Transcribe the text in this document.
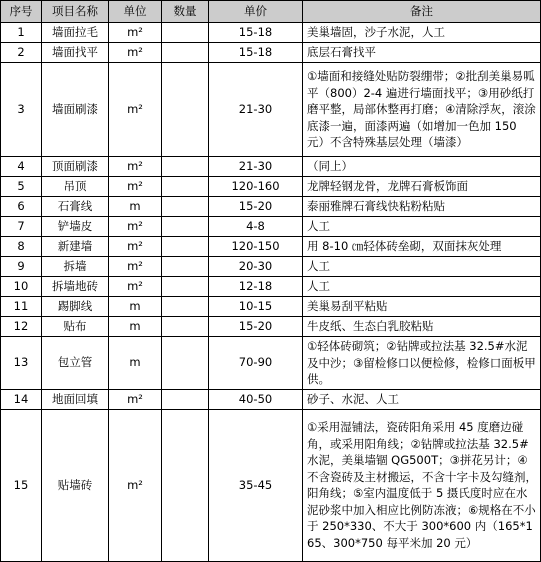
序号	项目名称	单位	数量	单价	备注
1	墙面拉毛	m²		15-18	美巢墙固，沙子水泥，人工
2	墙面找平	m²		15-18	底层石膏找平
3	墙面刷漆	m²		21-30	①墙面和接缝处贴防裂绷带；②批刮美巢易呱平（800）2-4 遍进行墙面找平；③用砂纸打磨平整，局部休整再打磨；④清除浮灰，滚涂底漆一遍，面漆两遍（如增加一色加 150 元）不含特殊基层处理（墙漆）
4	顶面刷漆	m²		21-30	（同上）
5	吊顶	m²		120-160	龙牌轻钢龙骨，龙牌石膏板饰面
6	石膏线	m		15-20	泰丽雅牌石膏线快粘粉粘贴
7	铲墙皮	m²		4-8	人工
8	新建墙	m²		120-150	用 8-10 ㎝轻体砖垒砌，双面抹灰处理
9	拆墙	m²		20-30	人工
10	拆墙地砖	m²		12-18	人工
11	踢脚线	m		10-15	美巢易刮平粘贴
12	贴布	m		15-20	牛皮纸、生态白乳胶粘贴
13	包立管	m		70-90	①轻体砖砌筑；②钻牌或拉法基 32.5#水泥及中沙；③留检修口以便检修，检修口面板甲供。
14	地面回填	m²		40-50	砂子、水泥、人工
15	贴墙砖	m²		35-45	①采用湿铺法，瓷砖阳角采用 45 度磨边碰角，或采用阳角线；②钻牌或拉法基 32.5#水泥，美巢墙锢 QG500T；③拼花另计；④不含瓷砖及主材搬运，不含十字卡及勾缝剂，阳角线；⑤室内温度低于 5 摄氏度时应在水泥砂浆中加入相应比例防冻液；⑥规格在不小于 250*330、不大于 300*600 内（165*165、300*750 每平米加 20 元）
